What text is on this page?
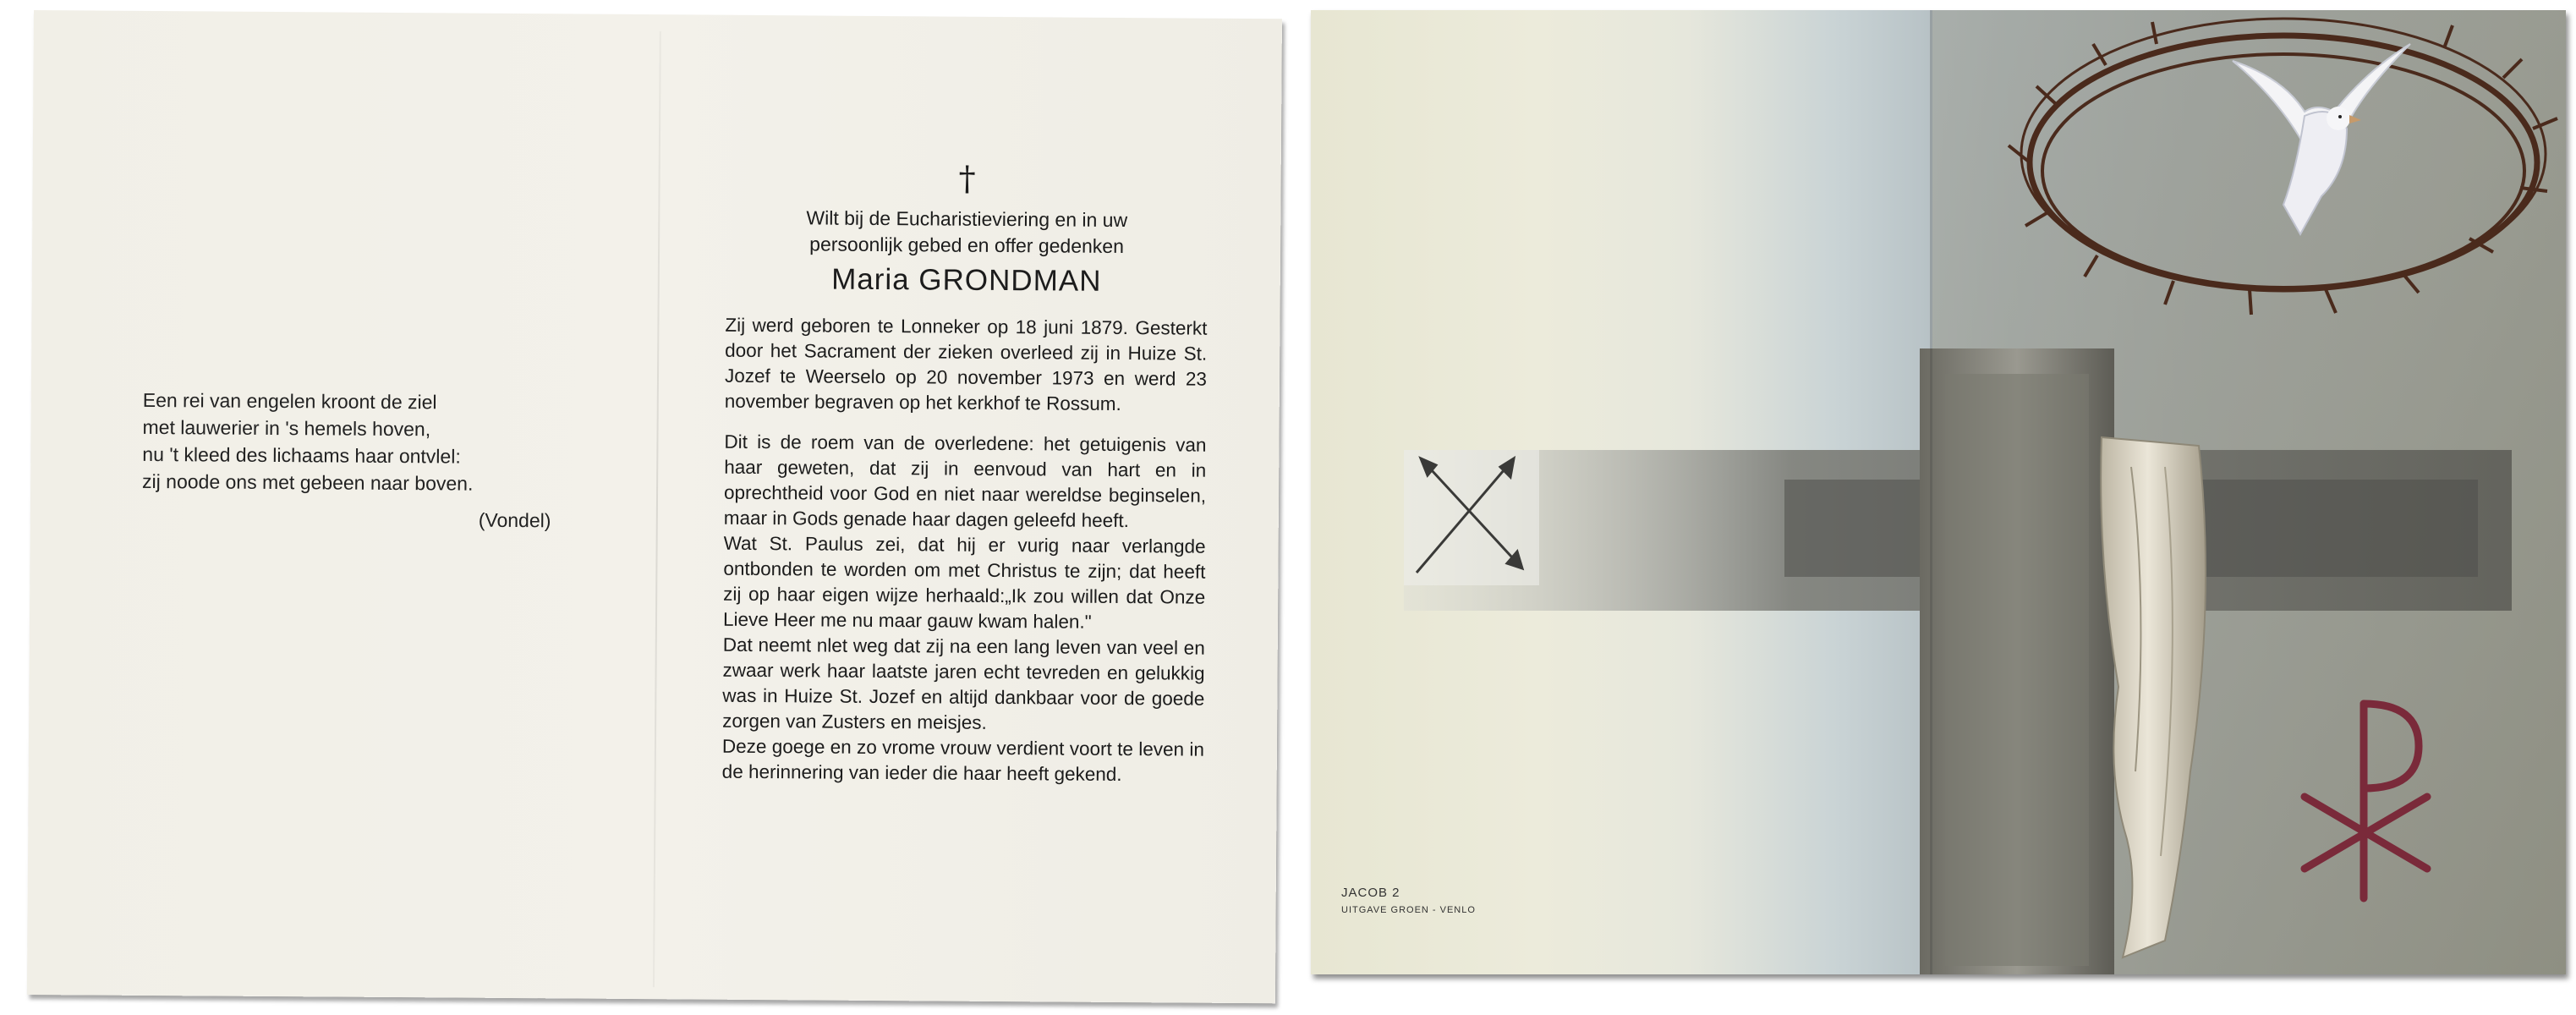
Een rei van engelen kroont de ziel
met lauwerier in 's hemels hoven,
nu 't kleed des lichaams haar ontvlel:
zij noode ons met gebeen naar boven.
(Vondel)
†
Wilt bij de Eucharistieviering en in uw
persoonlijk gebed en offer gedenken
Maria GRONDMAN

Zij werd geboren te Lonneker op 18 juni 1879. Gesterkt door het Sacrament der zieken overleed zij in Huize St. Jozef te Weerselo op 20 november 1973 en werd 23 november begraven op het kerkhof te Rossum.

Dit is de roem van de overledene: het getuigenis van haar geweten, dat zij in eenvoud van hart en in oprechtheid voor God en niet naar wereldse beginselen, maar in Gods genade haar dagen geleefd heeft.

Wat St. Paulus zei, dat hij er vurig naar verlangde ontbonden te worden om met Christus te zijn; dat heeft zij op haar eigen wijze herhaald:„Ik zou willen dat Onze Lieve Heer me nu maar gauw kwam halen."

Dat neemt nlet weg dat zij na een lang leven van veel en zwaar werk haar laatste jaren echt tevreden en gelukkig was in Huize St. Jozef en altijd dankbaar voor de goede zorgen van Zusters en meisjes.

Deze goege en zo vrome vrouw verdient voort te leven in de herinnering van ieder die haar heeft gekend.

JACOB 2
UITGAVE GROEN - VENLO
